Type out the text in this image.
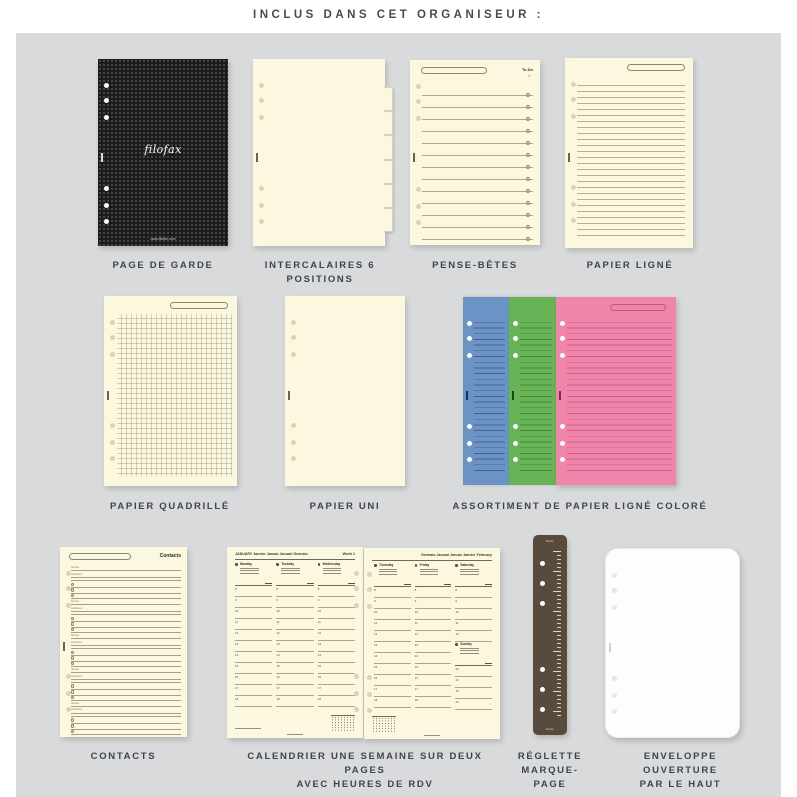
INCLUS DANS CET ORGANISEUR :
filofax
www.filofax.com
PAGE DE GARDE	INTERCALAIRES 6 POSITIONS
To Do
✓
PENSE-BÊTES	PAPIER LIGNÉ
PAPIER QUADRILLÉ	PAPIER UNI	ASSORTIMENT DE PAPIER LIGNÉ COLORÉ
Contacts
Name
Address
Name
Address
Name
Address
Name
Address
Name
Address
CONTACTS
JANUARY Janvier Januar Januari Gennaio	Week 1
Monday
8
9
10
11
12
13
14
15
16
17
18
Tuesday
8
9
10
11
12
13
14
15
16
17
18
Wednesday
8
9
10
11
12
13
14
15
16
17
18
Gennaio Januari Januar Janvier February
Thursday
8
9
10
11
12
13
14
15
16
17
18
Friday
8
9
10
11
12
13
14
15
16
17
18
Saturday
8
9
10
11
12
Sunday
13
14
15
16
CALENDRIER UNE SEMAINE SUR DEUX PAGES
AVEC HEURES DE RDV
filofax
filofax
RÉGLETTE
MARQUE-PAGE
ENVELOPPE OUVERTURE
PAR LE HAUT
